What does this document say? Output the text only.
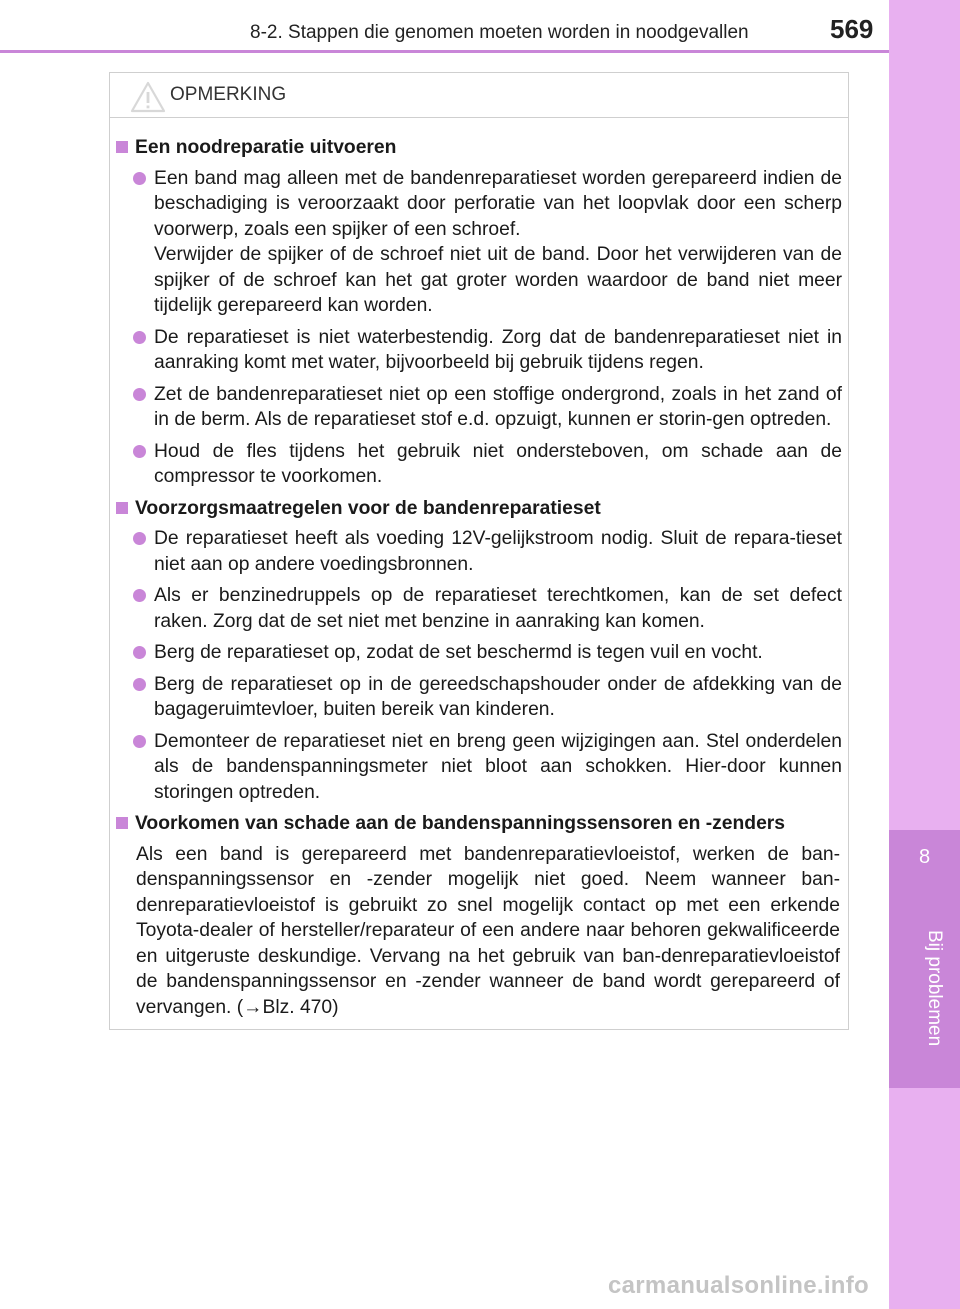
8
Bij problemen
8-2. Stappen die genomen moeten worden in noodgevallen	569
OPMERKING
Een noodreparatie uitvoeren
Een band mag alleen met de bandenreparatieset worden gerepareerd indien de beschadiging is veroorzaakt door perforatie van het loopvlak door een scherp voorwerp, zoals een spijker of een schroef.
Verwijder de spijker of de schroef niet uit de band. Door het verwijderen van de spijker of de schroef kan het gat groter worden waardoor de band niet meer tijdelijk gerepareerd kan worden.
De reparatieset is niet waterbestendig. Zorg dat de bandenreparatieset niet in aanraking komt met water, bijvoorbeeld bij gebruik tijdens regen.
Zet de bandenreparatieset niet op een stoffige ondergrond, zoals in het zand of in de berm. Als de reparatieset stof e.d. opzuigt, kunnen er storin-gen optreden.
Houd de fles tijdens het gebruik niet ondersteboven, om schade aan de compressor te voorkomen.
Voorzorgsmaatregelen voor de bandenreparatieset
De reparatieset heeft als voeding 12V-gelijkstroom nodig. Sluit de repara-tieset niet aan op andere voedingsbronnen.
Als er benzinedruppels op de reparatieset terechtkomen, kan de set defect raken. Zorg dat de set niet met benzine in aanraking kan komen.
Berg de reparatieset op, zodat de set beschermd is tegen vuil en vocht.
Berg de reparatieset op in de gereedschapshouder onder de afdekking van de bagageruimtevloer, buiten bereik van kinderen.
Demonteer de reparatieset niet en breng geen wijzigingen aan. Stel onderdelen als de bandenspanningsmeter niet bloot aan schokken. Hier-door kunnen storingen optreden.
Voorkomen van schade aan de bandenspanningssensoren en -zenders
Als een band is gerepareerd met bandenreparatievloeistof, werken de ban-denspanningssensor en -zender mogelijk niet goed. Neem wanneer ban-denreparatievloeistof is gebruikt zo snel mogelijk contact op met een erkende Toyota-dealer of hersteller/reparateur of een andere naar behoren gekwalificeerde en uitgeruste deskundige. Vervang na het gebruik van ban-denreparatievloeistof de bandenspanningssensor en -zender wanneer de band wordt gerepareerd of vervangen. (→Blz. 470)
carmanualsonline.info
